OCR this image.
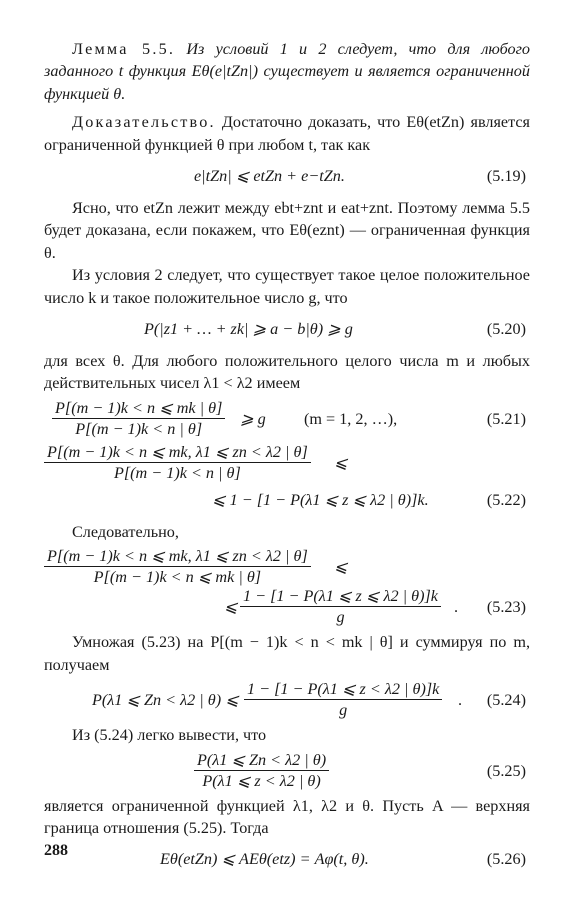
Лемма 5.5. Из условий 1 и 2 следует, что для любого заданного t функция Eθ(e|tZn|) существует и является ограниченной функцией θ.

Доказательство. Достаточно доказать, что Eθ(etZn) является ограниченной функцией θ при любом t, так как

e|tZn| ⩽ etZn + e−tZn.	(5.19)

Ясно, что etZn лежит между ebt+znt и eat+znt. Поэтому лемма 5.5 будет доказана, если покажем, что Eθ(eznt) — ограниченная функция θ.

Из условия 2 следует, что существует такое целое положительное число k и такое положительное число g, что

P(|z1 + … + zk| ⩾ a − b|θ) ⩾ g	(5.20)

для всех θ. Для любого положительного целого числа m и любых действительных чисел λ1 < λ2 имеем

$\frac{P[(m - 1)k < n ⩽ mk | \theta]}{P[(m - 1)k < n | \theta]}$ ⩾ g (m = 1, 2, …),	(5.21)
$\frac{P[(m - 1)k < n ⩽ mk, \lambda 1 ⩽ zn < \lambda 2 | \theta]}{P[(m - 1)k < n | \theta]}$ ⩽
⩽ 1 − [1 − P(λ1 ⩽ z ⩽ λ2 | θ)]k.	(5.22)

Следовательно,

$\frac{P[(m - 1)k < n ⩽ mk, \lambda 1 ⩽ zn < \lambda 2 | \theta]}{P[(m - 1)k < n ⩽ mk | \theta]}$ ⩽
⩽ $\frac{1 - [1 - P(\lambda 1 ⩽ z ⩽ \lambda 2 | \theta)]k}{g}$ . (5.23)

Умножая (5.23) на P[(m − 1)k < n < mk | θ] и суммируя по m, получаем

P(λ1 ⩽ Zn < λ2 | θ) ⩽ $\frac{1 - [1 - P(\lambda 1 ⩽ z < \lambda 2 | \theta)]k}{g}$ . (5.24)

Из (5.24) легко вывести, что

$\frac{P(\lambda 1 ⩽ Zn < \lambda 2 | \theta)}{P(\lambda 1 ⩽ z < \lambda 2 | \theta)}$	(5.25)

является ограниченной функцией λ1, λ2 и θ. Пусть A — верхняя граница отношения (5.25). Тогда

Eθ(etZn) ⩽ AEθ(etz) = Aφ(t, θ).	(5.26)
288
